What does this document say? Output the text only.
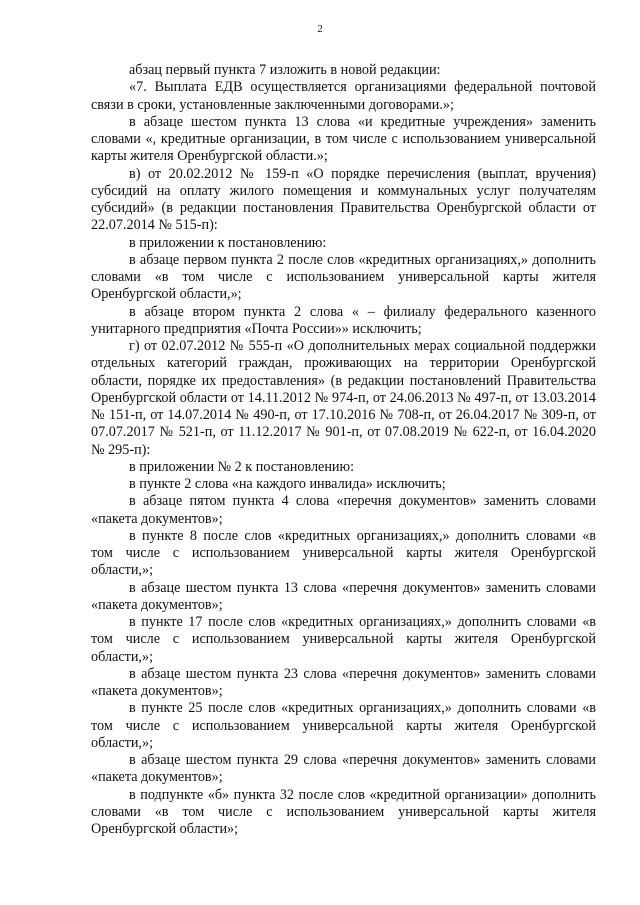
2

абзац первый пункта 7 изложить в новой редакции:

«7. Выплата ЕДВ осуществляется организациями федеральной почтовой связи в сроки, установленные заключенными договорами.»;

в абзаце шестом пункта 13 слова «и кредитные учреждения» заменить словами «, кредитные организации, в том числе с использованием универсальной карты жителя Оренбургской области.»;

в) от 20.02.2012 № 159-п «О порядке перечисления (выплат, вручения) субсидий на оплату жилого помещения и коммунальных услуг получателям субсидий» (в редакции постановления Правительства Оренбургской области от 22.07.2014 № 515-п):

в приложении к постановлению:

в абзаце первом пункта 2 после слов «кредитных организациях,» дополнить словами «в том числе с использованием универсальной карты жителя Оренбургской области,»;

в абзаце втором пункта 2 слова « – филиалу федерального казенного унитарного предприятия «Почта России»» исключить;

г) от 02.07.2012 № 555-п «О дополнительных мерах социальной поддержки отдельных категорий граждан, проживающих на территории Оренбургской области, порядке их предоставления» (в редакции постановлений Правительства Оренбургской области от 14.11.2012 № 974-п, от 24.06.2013 № 497-п, от 13.03.2014 № 151-п, от 14.07.2014 № 490-п, от 17.10.2016 № 708-п, от 26.04.2017 № 309-п, от 07.07.2017 № 521-п, от 11.12.2017 № 901-п, от 07.08.2019 № 622-п, от 16.04.2020 № 295-п):

в приложении № 2 к постановлению:

в пункте 2 слова «на каждого инвалида» исключить;

в абзаце пятом пункта 4 слова «перечня документов» заменить словами «пакета документов»;

в пункте 8 после слов «кредитных организациях,» дополнить словами «в том числе с использованием универсальной карты жителя Оренбургской области,»;

в абзаце шестом пункта 13 слова «перечня документов» заменить словами «пакета документов»;

в пункте 17 после слов «кредитных организациях,» дополнить словами «в том числе с использованием универсальной карты жителя Оренбургской области,»;

в абзаце шестом пункта 23 слова «перечня документов» заменить словами «пакета документов»;

в пункте 25 после слов «кредитных организациях,» дополнить словами «в том числе с использованием универсальной карты жителя Оренбургской области,»;

в абзаце шестом пункта 29 слова «перечня документов» заменить словами «пакета документов»;

в подпункте «б» пункта 32 после слов «кредитной организации» дополнить словами «в том числе с использованием универсальной карты жителя Оренбургской области»;
